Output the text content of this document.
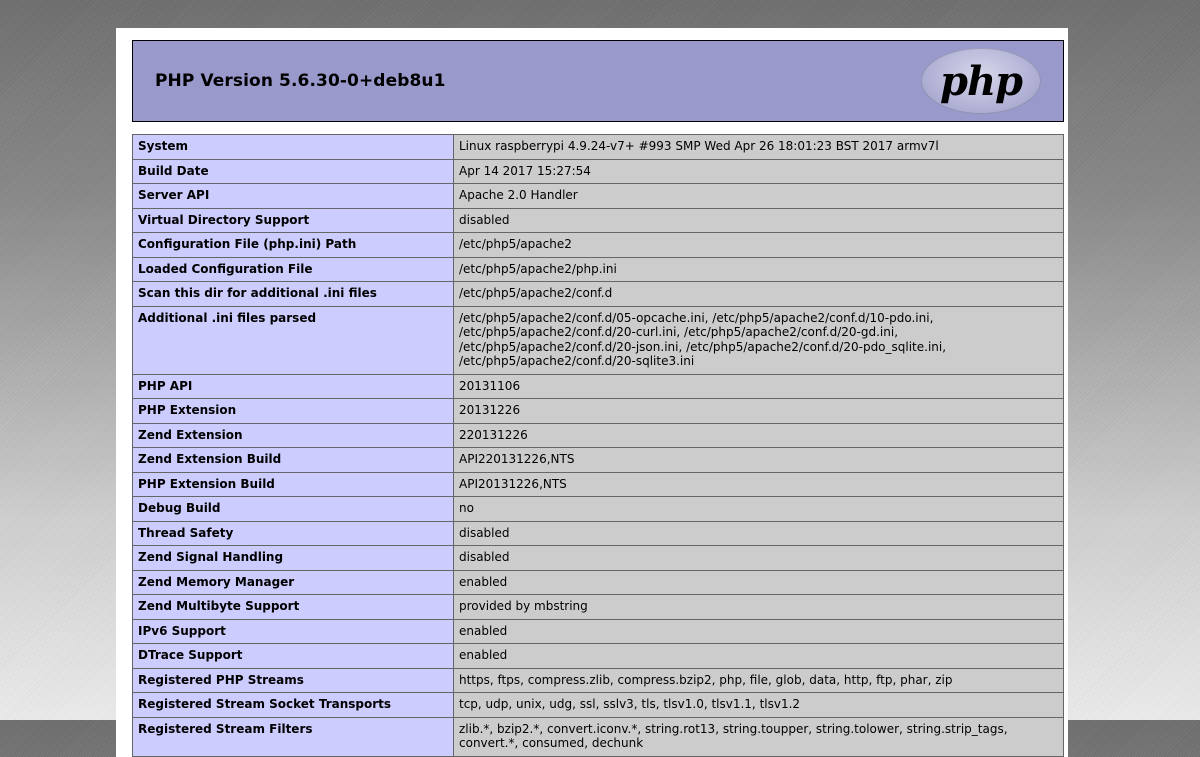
PHP Version 5.6.30-0+deb8u1	php
System	Linux raspberrypi 4.9.24-v7+ #993 SMP Wed Apr 26 18:01:23 BST 2017 armv7l
Build Date	Apr 14 2017 15:27:54
Server API	Apache 2.0 Handler
Virtual Directory Support	disabled
Configuration File (php.ini) Path	/etc/php5/apache2
Loaded Configuration File	/etc/php5/apache2/php.ini
Scan this dir for additional .ini files	/etc/php5/apache2/conf.d
Additional .ini files parsed	/etc/php5/apache2/conf.d/05-opcache.ini, /etc/php5/apache2/conf.d/10-pdo.ini, /etc/php5/apache2/conf.d/20-curl.ini, /etc/php5/apache2/conf.d/20-gd.ini, /etc/php5/apache2/conf.d/20-json.ini, /etc/php5/apache2/conf.d/20-pdo_sqlite.ini, /etc/php5/apache2/conf.d/20-sqlite3.ini
PHP API	20131106
PHP Extension	20131226
Zend Extension	220131226
Zend Extension Build	API220131226,NTS
PHP Extension Build	API20131226,NTS
Debug Build	no
Thread Safety	disabled
Zend Signal Handling	disabled
Zend Memory Manager	enabled
Zend Multibyte Support	provided by mbstring
IPv6 Support	enabled
DTrace Support	enabled
Registered PHP Streams	https, ftps, compress.zlib, compress.bzip2, php, file, glob, data, http, ftp, phar, zip
Registered Stream Socket Transports	tcp, udp, unix, udg, ssl, sslv3, tls, tlsv1.0, tlsv1.1, tlsv1.2
Registered Stream Filters	zlib.*, bzip2.*, convert.iconv.*, string.rot13, string.toupper, string.tolower, string.strip_tags, convert.*, consumed, dechunk
